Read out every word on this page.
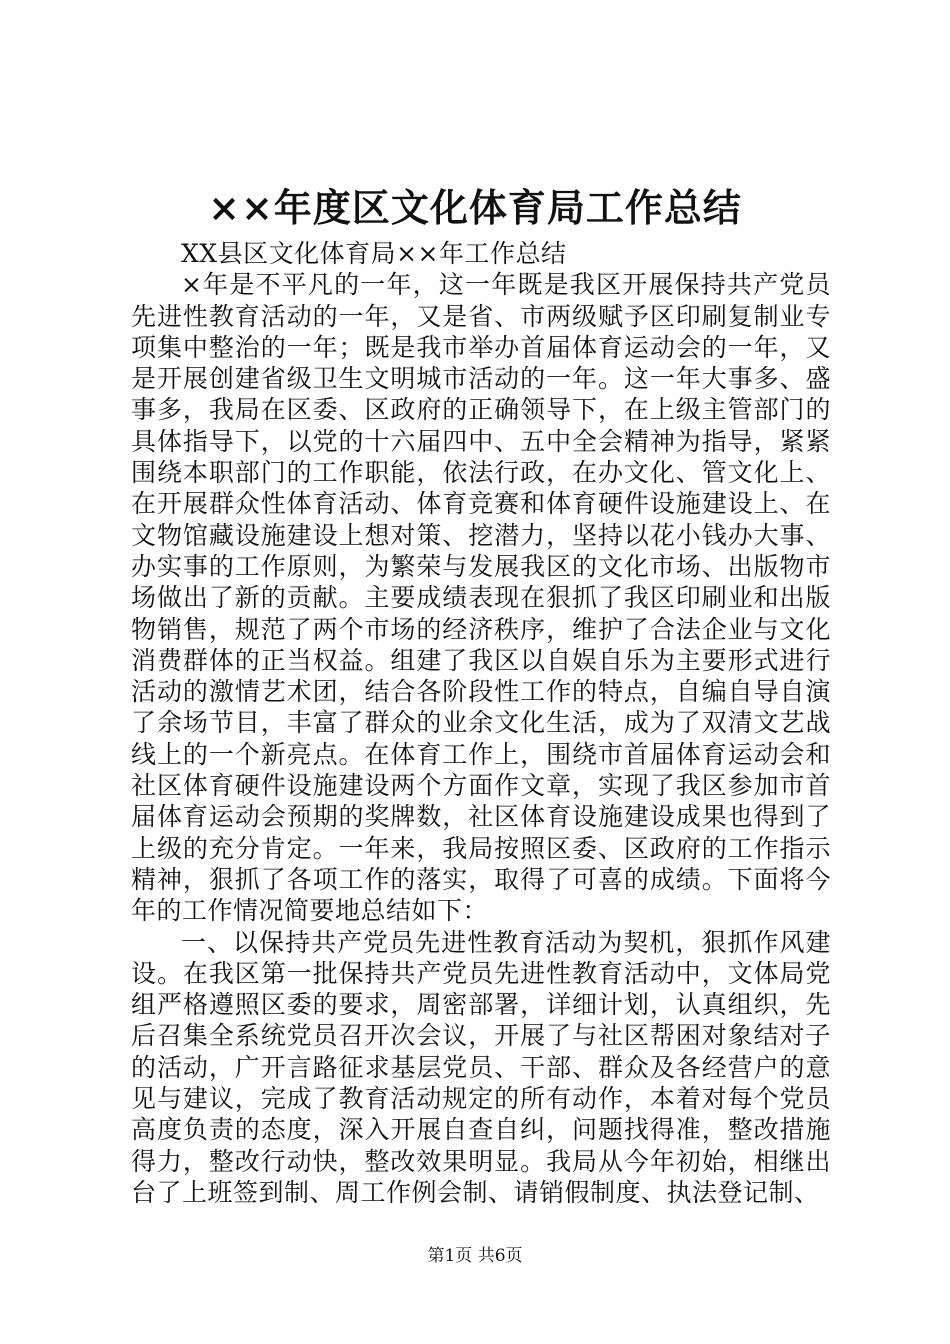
××年度区文化体育局工作总结

XX县区文化体育局××年工作总结

×年是不平凡的一年，这一年既是我区开展保持共产党员先进性教育活动的一年，又是省、市两级赋予区印刷复制业专项集中整治的一年；既是我市举办首届体育运动会的一年，又是开展创建省级卫生文明城市活动的一年。这一年大事多、盛事多，我局在区委、区政府的正确领导下，在上级主管部门的具体指导下，以党的十六届四中、五中全会精神为指导，紧紧围绕本职部门的工作职能，依法行政，在办文化、管文化上、在开展群众性体育活动、体育竞赛和体育硬件设施建设上、在文物馆藏设施建设上想对策、挖潜力，坚持以花小钱办大事、办实事的工作原则，为繁荣与发展我区的文化市场、出版物市场做出了新的贡献。主要成绩表现在狠抓了我区印刷业和出版物销售，规范了两个市场的经济秩序，维护了合法企业与文化消费群体的正当权益。组建了我区以自娱自乐为主要形式进行活动的激情艺术团，结合各阶段性工作的特点，自编自导自演了余场节目，丰富了群众的业余文化生活，成为了双清文艺战线上的一个新亮点。在体育工作上，围绕市首届体育运动会和社区体育硬件设施建设两个方面作文章，实现了我区参加市首届体育运动会预期的奖牌数，社区体育设施建设成果也得到了上级的充分肯定。一年来，我局按照区委、区政府的工作指示精神，狠抓了各项工作的落实，取得了可喜的成绩。下面将今年的工作情况简要地总结如下：

一、以保持共产党员先进性教育活动为契机，狠抓作风建设。在我区第一批保持共产党员先进性教育活动中，文体局党组严格遵照区委的要求，周密部署，详细计划，认真组织，先后召集全系统党员召开次会议，开展了与社区帮困对象结对子的活动，广开言路征求基层党员、干部、群众及各经营户的意见与建议，完成了教育活动规定的所有动作，本着对每个党员高度负责的态度，深入开展自查自纠，问题找得准，整改措施得力，整改行动快，整改效果明显。我局从今年初始，相继出台了上班签到制、周工作例会制、请销假制度、执法登记制、

第1页 共6页
